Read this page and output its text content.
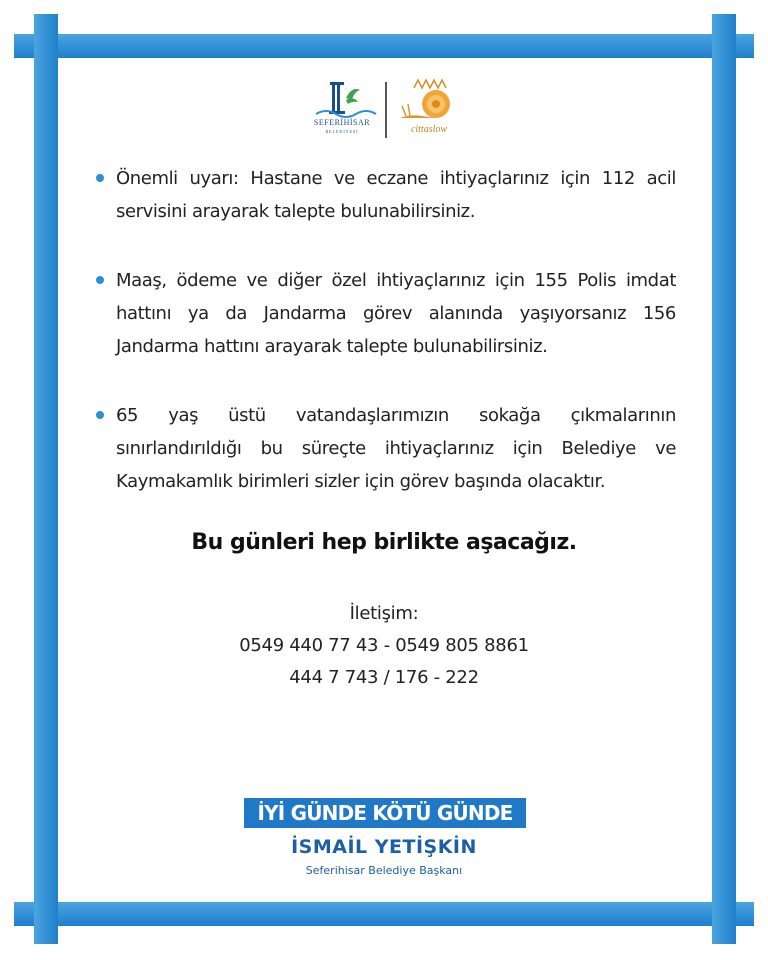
SEFERİHİSAR
BELEDİYESİ	cittaslow
Önemli uyarı: Hastane ve eczane ihtiyaçlarınız için 112 acil servisini arayarak talepte bulunabilirsiniz.
Maaş, ödeme ve diğer özel ihtiyaçlarınız için 155 Polis imdat hattını ya da Jandarma görev alanında yaşıyorsanız 156 Jandarma hattını arayarak talepte bulunabilirsiniz.
65 yaş üstü vatandaşlarımızın sokağa çıkmalarının sınırlandırıldığı bu süreçte ihtiyaçlarınız için Belediye ve Kaymakamlık birimleri sizler için görev başında olacaktır.
Bu günleri hep birlikte aşacağız.
İletişim:
0549 440 77 43 - 0549 805 8861
444 7 743 / 176 - 222
İYİ GÜNDE KÖTÜ GÜNDE
İSMAİL YETİŞKİN
Seferihisar Belediye Başkanı
